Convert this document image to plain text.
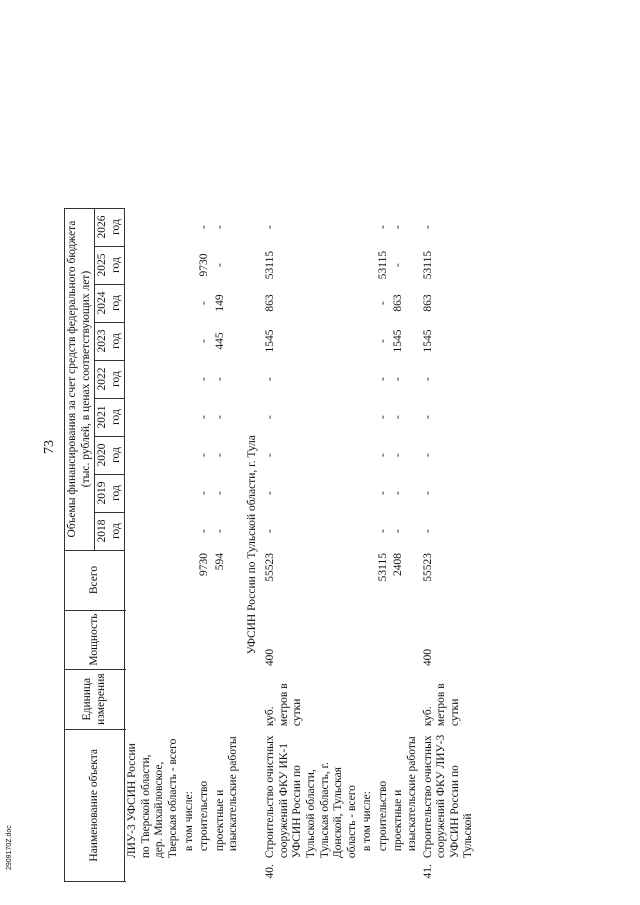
73
Наименование объекта		Единица измерения	Мощность	Всего	Объемы финансирования за счет средств федерального бюджета (тыс. рублей, в ценах соответствующих лет)								
					2018 год	2019 год	2020 год	2021 год	2022 год	2023 год	2024 год	2025 год	2026 год

	ЛИУ-3 УФСИН России по Тверской области, дер. Михайловское, Тверская область - всего												
	в том числе:												
	строительство			9730	-	-	-	-	-	-	-	9730	-
	проектные и изыскательские работы			594	-	-	-	-	-	445	149	-	-
УФСИН России по Тульской области, г. Тула													
40.	Строительство очистных сооружений ФКУ ИК-1 УФСИН России по Тульской области, Тульская область, г. Донской, Тульская область - всего	куб. метров в сутки	400	55523	-	-	-	-	-	1545	863	53115	-
	в том числе:												
	строительство			53115	-	-	-	-	-	-	-	53115	-
	проектные и изыскательские работы			2408	-	-	-	-	-	1545	863	-	-
41.	Строительство очистных сооружений ФКУ ЛИУ-3 УФСИН России по Тульской	куб. метров в сутки	400	55523	-	-	-	-	-	1545	863	53115	-
2909170Z.doc
